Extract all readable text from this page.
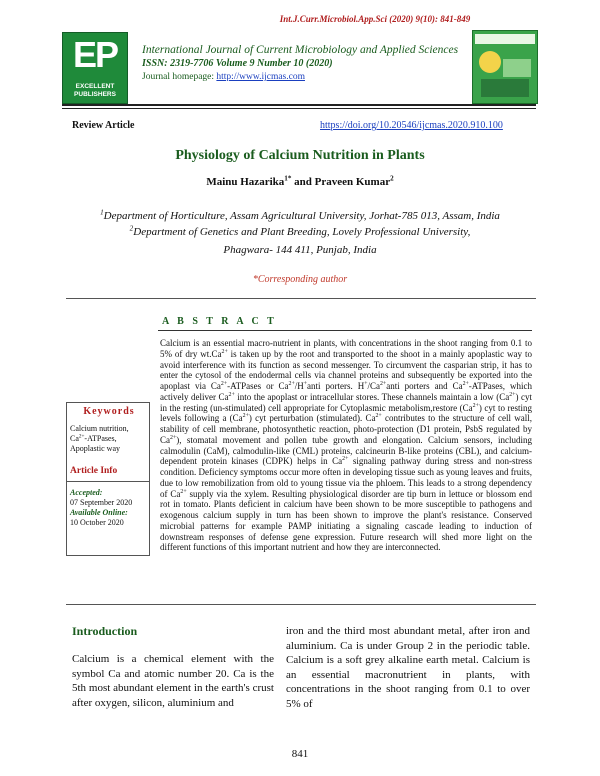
Int.J.Curr.Microbiol.App.Sci (2020) 9(10): 841-849
EP
EXCELLENT PUBLISHERS
International Journal of Current Microbiology and Applied Sciences
ISSN: 2319-7706 Volume 9 Number 10 (2020)
Journal homepage: http://www.ijcmas.com
Review Article	https://doi.org/10.20546/ijcmas.2020.910.100
Physiology of Calcium Nutrition in Plants
Mainu Hazarika$^{1*}$ and Praveen Kumar$^2$
$^1$Department of Horticulture, Assam Agricultural University, Jorhat-785 013, Assam, India
$^2$Department of Genetics and Plant Breeding, Lovely Professional University,
Phagwara- 144 411, Punjab, India
*Corresponding author
A B S T R A C T
Calcium is an essential macro-nutrient in plants, with concentrations in the shoot ranging from 0.1 to 5% of dry $wt.Ca^{2+}$ is taken up by the root and transported to the shoot in a mainly apoplastic way to avoid interference with its function as second messenger. To circumvent the casparian strip, it has to enter the cytosol of the endodermal cells via channel proteins and subsequently be exported into the apoplast via $Ca^{2+}$-ATPases or $Ca^{2+}/H^+anti$ porters. $H^+/Ca^{2+}anti$ porters and $Ca^{2+}$-ATPases, which actively deliver $Ca^{2+}$ into the apoplast or intracellular stores. These channels maintain a low $(Ca^{2+})$ cyt in the resting (un-stimulated) cell appropriate for Cytoplasmic metabolism,restore $(Ca^{2+})$ cyt to resting levels following a $(Ca^{2+})$ cyt perturbation (stimulated). $Ca^{2+}$ contributes to the structure of cell wall, stability of cell membrane, photosynthetic reaction, photo-protection (D1 protein, PsbS regulated by $Ca^{2+}$), stomatal movement and pollen tube growth and elongation. Calcium sensors, including calmodulin (CaM), calmodulin-like (CML) proteins, calcineurin B-like proteins (CBL), and calcium-dependent protein kinases (CDPK) helps in $Ca^{2+}$ signaling pathway during stress and non-stress condition. Deficiency symptoms occur more often in developing tissue such as young leaves and fruits, due to low remobilization from old to young tissue via the phloem. This leads to a strong dependency of $Ca^{2+}$ supply via the xylem. Resulting physiological disorder are tip burn in lettuce or blossom end rot in tomato. Plants deficient in calcium have been shown to be more susceptible to pathogens and exogenous calcium supply in turn has been shown to improve the plant's resistance. Conserved microbial patterns for example PAMP initiating a signaling cascade leading to induction of downstream responses of defense gene expression. Future research will shed more light on the different functions of this important nutrient and how they are interconnected.
Keywords
Calcium nutrition,
$Ca^{2+}$-ATPases,
Apoplastic way
Article Info
Accepted:
07 September 2020
Available Online:
10 October 2020
Introduction
Calcium is a chemical element with the symbol Ca and atomic number 20. Ca is the 5th most abundant element in the earth's crust after oxygen, silicon, aluminium and
iron and the third most abundant metal, after iron and aluminium. Ca is under Group 2 in the periodic table. Calcium is a soft grey alkaline earth metal. Calcium is an essential macronutrient in plants, with concentrations in the shoot ranging from 0.1 to over 5% of
841
